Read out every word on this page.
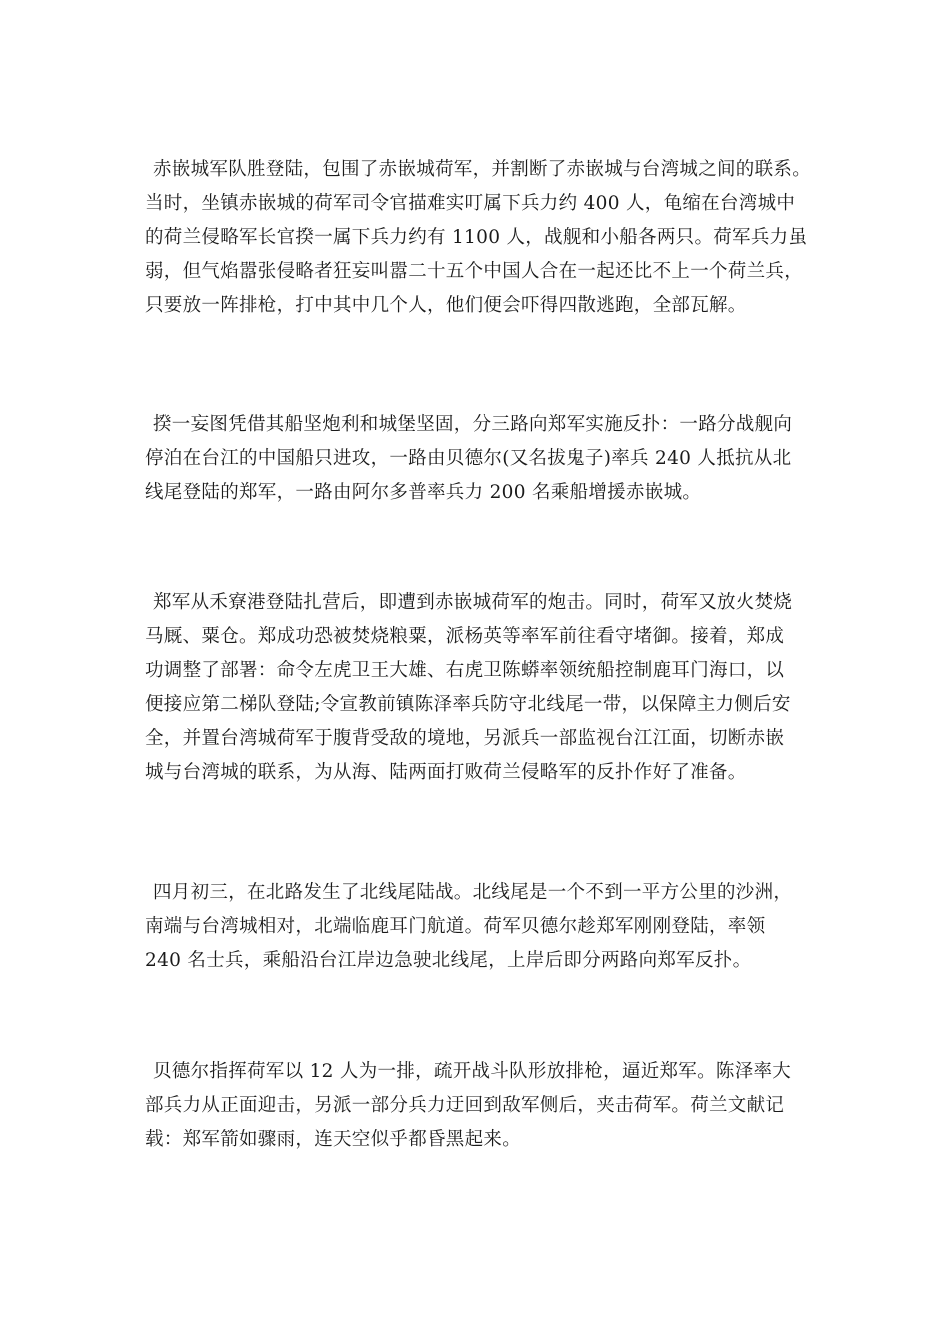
赤嵌城军队胜登陆，包围了赤嵌城荷军，并割断了赤嵌城与台湾城之间的联系。
当时，坐镇赤嵌城的荷军司令官描难实叮属下兵力约 400 人，龟缩在台湾城中
的荷兰侵略军长官揆一属下兵力约有 1100 人，战舰和小船各两只。荷军兵力虽
弱，但气焰嚣张侵略者狂妄叫嚣二十五个中国人合在一起还比不上一个荷兰兵，
只要放一阵排枪，打中其中几个人，他们便会吓得四散逃跑，全部瓦解。
揆一妄图凭借其船坚炮利和城堡坚固，分三路向郑军实施反扑：一路分战舰向
停泊在台江的中国船只进攻，一路由贝德尔(又名拔鬼子)率兵 240 人抵抗从北
线尾登陆的郑军，一路由阿尔多普率兵力 200 名乘船增援赤嵌城。
郑军从禾寮港登陆扎营后，即遭到赤嵌城荷军的炮击。同时，荷军又放火焚烧
马厩、粟仓。郑成功恐被焚烧粮粟，派杨英等率军前往看守堵御。接着，郑成
功调整了部署：命令左虎卫王大雄、右虎卫陈蟒率领统船控制鹿耳门海口，以
便接应第二梯队登陆;令宣教前镇陈泽率兵防守北线尾一带，以保障主力侧后安
全，并置台湾城荷军于腹背受敌的境地，另派兵一部监视台江江面，切断赤嵌
城与台湾城的联系，为从海、陆两面打败荷兰侵略军的反扑作好了准备。
四月初三，在北路发生了北线尾陆战。北线尾是一个不到一平方公里的沙洲，
南端与台湾城相对，北端临鹿耳门航道。荷军贝德尔趁郑军刚刚登陆，率领
240 名士兵，乘船沿台江岸边急驶北线尾，上岸后即分两路向郑军反扑。
贝德尔指挥荷军以 12 人为一排，疏开战斗队形放排枪，逼近郑军。陈泽率大
部兵力从正面迎击，另派一部分兵力迂回到敌军侧后，夹击荷军。荷兰文献记
载：郑军箭如骤雨，连天空似乎都昏黑起来。
